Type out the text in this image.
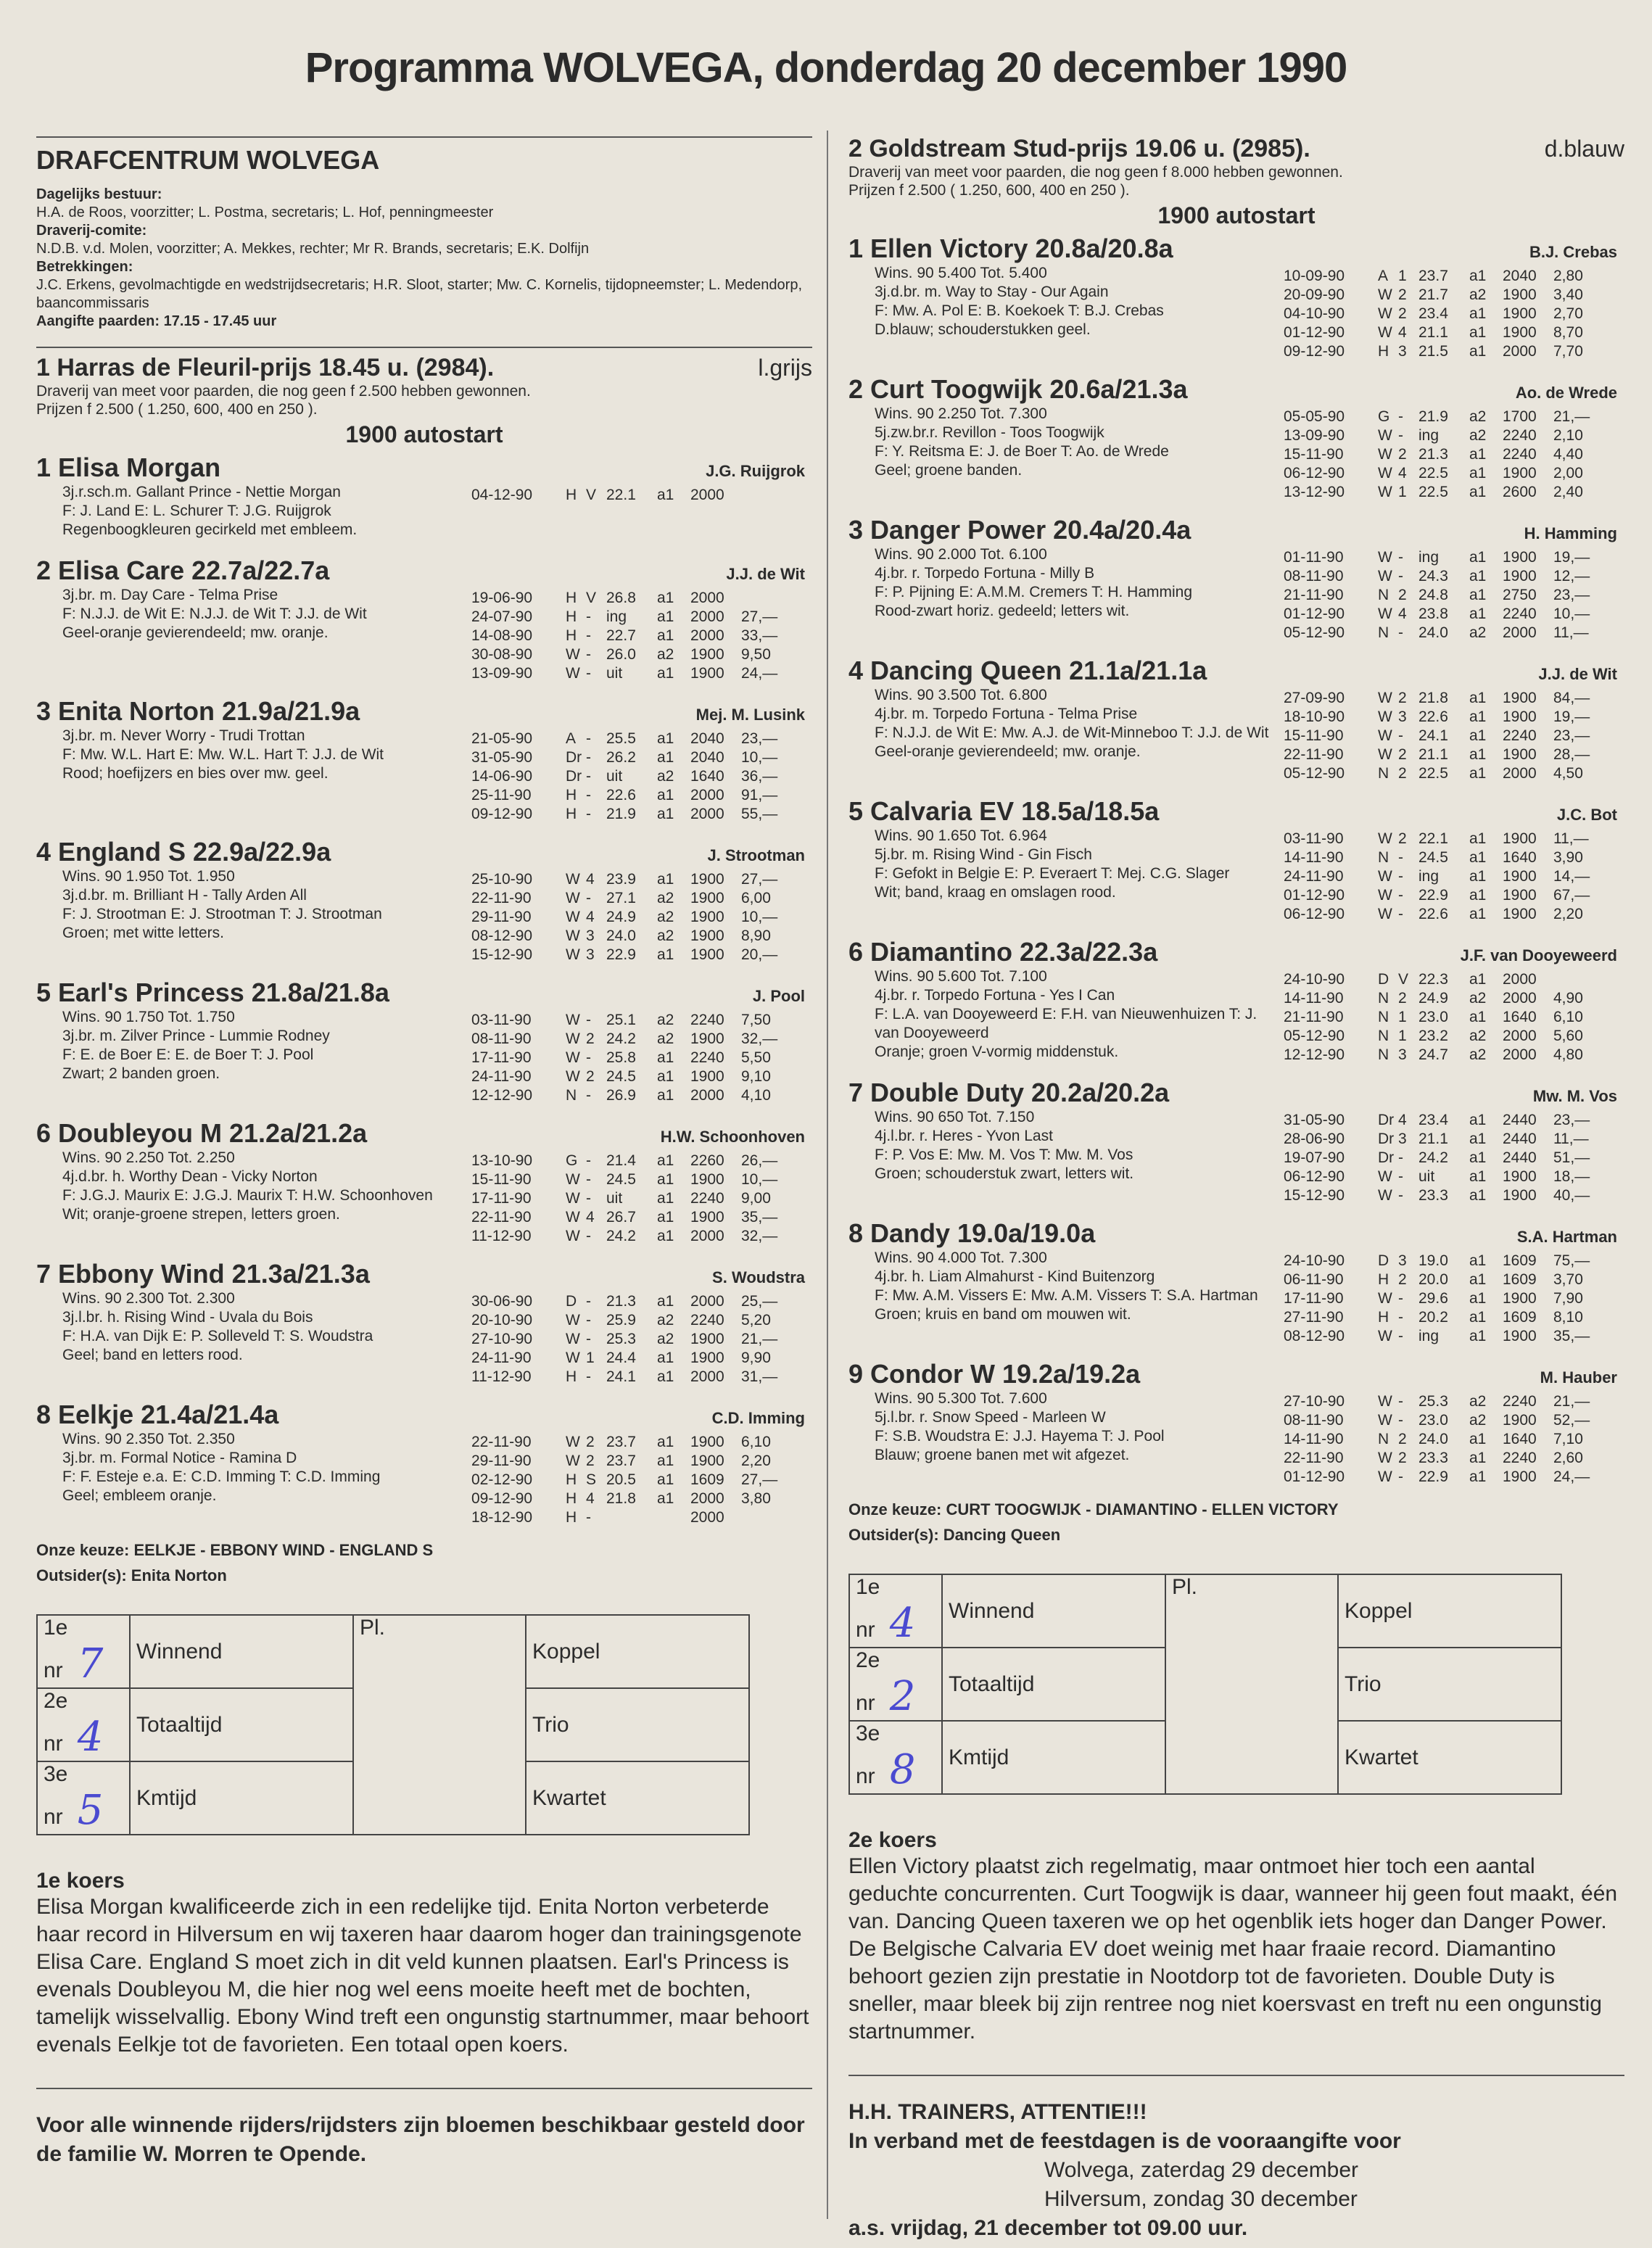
Programma WOLVEGA, donderdag 20 december 1990
DRAFCENTRUM WOLVEGA
Dagelijks bestuur:
H.A. de Roos, voorzitter; L. Postma, secretaris; L. Hof, penningmeester
Draverij-comite:
N.D.B. v.d. Molen, voorzitter; A. Mekkes, rechter; Mr R. Brands, secretaris; E.K. Dolfijn
Betrekkingen:
J.C. Erkens, gevolmachtigde en wedstrijdsecretaris; H.R. Sloot, starter; Mw. C. Kornelis, tijdopneemster; L. Medendorp, baancommissaris
Aangifte paarden: 17.15 - 17.45 uur
1 Harras de Fleuril-prijs 18.45 u. (2984).	l.grijs
Draverij van meet voor paarden, die nog geen f 2.500 hebben gewonnen.
Prijzen f 2.500 ( 1.250, 600, 400 en 250 ).
1900 autostart
1 Elisa Morgan	J.G. Ruijgrok
3j.r.sch.m. Gallant Prince - Nettie Morgan
F: J. Land E: L. Schurer T: J.G. Ruijgrok
Regenboogkleuren gecirkeld met embleem.
04-12-90	H V 22.1	a1	2000
2 Elisa Care 22.7a/22.7a	J.J. de Wit
3j.br. m. Day Care - Telma Prise
F: N.J.J. de Wit E: N.J.J. de Wit T: J.J. de Wit
Geel-oranje gevierendeeld; mw. oranje.
19-06-90	H V 26.8	a1	2000
24-07-90	H -	ing	a1	2000	27,—
14-08-90	H -	22.7	a1	2000	33,—
30-08-90	W -	26.0	a2	1900	9,50
13-09-90	W -	uit	a1	1900	24,—
3 Enita Norton 21.9a/21.9a	Mej. M. Lusink
3j.br. m. Never Worry - Trudi Trottan
F: Mw. W.L. Hart E: Mw. W.L. Hart T: J.J. de Wit
Rood; hoefijzers en bies over mw. geel.
21-05-90	A -	25.5	a1	2040	23,—
31-05-90	Dr -	26.2	a1	2040	10,—
14-06-90	Dr -	uit	a2	1640	36,—
25-11-90	H -	22.6	a1	2000	91,—
09-12-90	H -	21.9	a1	2000	55,—
4 England S 22.9a/22.9a	J. Strootman
Wins. 90 1.950 Tot. 1.950
3j.d.br. m. Brilliant H - Tally Arden All
F: J. Strootman E: J. Strootman T: J. Strootman
Groen; met witte letters.
25-10-90	W 4 23.9	a1	1900	27,—
22-11-90	W -	27.1	a2	1900	6,00
29-11-90	W 4 24.9	a2	1900	10,—
08-12-90	W 3 24.0	a2	1900	8,90
15-12-90	W 3 22.9	a1	1900	20,—
5 Earl's Princess 21.8a/21.8a	J. Pool
Wins. 90 1.750 Tot. 1.750
3j.br. m. Zilver Prince - Lummie Rodney
F: E. de Boer E: E. de Boer T: J. Pool
Zwart; 2 banden groen.
03-11-90	W -	25.1	a2	2240	7,50
08-11-90	W 2 24.2	a2	1900	32,—
17-11-90	W -	25.8	a1	2240	5,50
24-11-90	W 2 24.5	a1	1900	9,10
12-12-90	N -	26.9	a1	2000	4,10
6 Doubleyou M 21.2a/21.2a	H.W. Schoonhoven
Wins. 90 2.250 Tot. 2.250
4j.d.br. h. Worthy Dean - Vicky Norton
F: J.G.J. Maurix E: J.G.J. Maurix T: H.W. Schoonhoven
Wit; oranje-groene strepen, letters groen.
13-10-90	G -	21.4	a1	2260	26,—
15-11-90	W -	24.5	a1	1900	10,—
17-11-90	W -	uit	a1	2240	9,00
22-11-90	W 4 26.7	a1	1900	35,—
11-12-90	W -	24.2	a1	2000	32,—
7 Ebbony Wind 21.3a/21.3a	S. Woudstra
Wins. 90 2.300 Tot. 2.300
3j.l.br. h. Rising Wind - Uvala du Bois
F: H.A. van Dijk E: P. Solleveld T: S. Woudstra
Geel; band en letters rood.
30-06-90	D -	21.3	a1	2000	25,—
20-10-90	W -	25.9	a2	2240	5,20
27-10-90	W -	25.3	a2	1900	21,—
24-11-90	W 1 24.4	a1	1900	9,90
11-12-90	H -	24.1	a1	2000	31,—
8 Eelkje 21.4a/21.4a	C.D. Imming
Wins. 90 2.350 Tot. 2.350
3j.br. m. Formal Notice - Ramina D
F: F. Esteje e.a. E: C.D. Imming T: C.D. Imming
Geel; embleem oranje.
22-11-90	W 2 23.7	a1	1900	6,10
29-11-90	W 2 23.7	a1	1900	2,20
02-12-90	H S 20.5	a1	1609	27,—
09-12-90	H 4 21.8	a1	2000	3,80
18-12-90	H -	2000
Onze keuze: EELKJE - EBBONY WIND - ENGLAND S
Outsider(s): Enita Norton
1e nr 7	Winnend	Pl.	Koppel
2e nr 4	Totaaltijd		Trio
3e nr 5	Kmtijd		Kwartet
1e koers
Elisa Morgan kwalificeerde zich in een redelijke tijd. Enita Norton verbeterde haar record in Hilversum en wij taxeren haar daarom hoger dan trainingsgenote Elisa Care. England S moet zich in dit veld kunnen plaatsen. Earl's Princess is evenals Doubleyou M, die hier nog wel eens moeite heeft met de bochten, tamelijk wisselvallig. Ebony Wind treft een ongunstig startnummer, maar behoort evenals Eelkje tot de favorieten. Een totaal open koers.
Voor alle winnende rijders/rijdsters zijn bloemen beschikbaar gesteld door de familie W. Morren te Opende.
2 Goldstream Stud-prijs 19.06 u. (2985).	d.blauw
Draverij van meet voor paarden, die nog geen f 8.000 hebben gewonnen.
Prijzen f 2.500 ( 1.250, 600, 400 en 250 ).
1900 autostart
1 Ellen Victory 20.8a/20.8a	B.J. Crebas
Wins. 90 5.400 Tot. 5.400
3j.d.br. m. Way to Stay - Our Again
F: Mw. A. Pol E: B. Koekoek T: B.J. Crebas
D.blauw; schouderstukken geel.
10-09-90	A 1 23.7	a1	2040	2,80
20-09-90	W 2 21.7	a2	1900	3,40
04-10-90	W 2 23.4	a1	1900	2,70
01-12-90	W 4 21.1	a1	1900	8,70
09-12-90	H 3 21.5	a1	2000	7,70
2 Curt Toogwijk 20.6a/21.3a	Ao. de Wrede
Wins. 90 2.250 Tot. 7.300
5j.zw.br.r. Revillon - Toos Toogwijk
F: Y. Reitsma E: J. de Boer T: Ao. de Wrede
Geel; groene banden.
05-05-90	G -	21.9	a2	1700	21,—
13-09-90	W -	ing	a2	2240	2,10
15-11-90	W 2 21.3	a1	2240	4,40
06-12-90	W 4 22.5	a1	1900	2,00
13-12-90	W 1 22.5	a1	2600	2,40
3 Danger Power 20.4a/20.4a	H. Hamming
Wins. 90 2.000 Tot. 6.100
4j.br. r. Torpedo Fortuna - Milly B
F: P. Pijning E: A.M.M. Cremers T: H. Hamming
Rood-zwart horiz. gedeeld; letters wit.
01-11-90	W -	ing	a1	1900	19,—
08-11-90	W -	24.3	a1	1900	12,—
21-11-90	N 2 24.8	a1	2750	23,—
01-12-90	W 4 23.8	a1	2240	10,—
05-12-90	N -	24.0	a2	2000	11,—
4 Dancing Queen 21.1a/21.1a	J.J. de Wit
Wins. 90 3.500 Tot. 6.800
4j.br. m. Torpedo Fortuna - Telma Prise
F: N.J.J. de Wit E: Mw. A.J. de Wit-Minneboo T: J.J. de Wit
Geel-oranje gevierendeeld; mw. oranje.
27-09-90	W 2 21.8	a1	1900	84,—
18-10-90	W 3 22.6	a1	1900	19,—
15-11-90	W -	24.1	a1	2240	23,—
22-11-90	W 2 21.1	a1	1900	28,—
05-12-90	N 2 22.5	a1	2000	4,50
5 Calvaria EV 18.5a/18.5a	J.C. Bot
Wins. 90 1.650 Tot. 6.964
5j.br. m. Rising Wind - Gin Fisch
F: Gefokt in Belgie E: P. Everaert T: Mej. C.G. Slager
Wit; band, kraag en omslagen rood.
03-11-90	W 2 22.1	a1	1900	11,—
14-11-90	N -	24.5	a1	1640	3,90
24-11-90	W -	ing	a1	1900	14,—
01-12-90	W -	22.9	a1	1900	67,—
06-12-90	W -	22.6	a1	1900	2,20
6 Diamantino 22.3a/22.3a	J.F. van Dooyeweerd
Wins. 90 5.600 Tot. 7.100
4j.br. r. Torpedo Fortuna - Yes I Can
F: L.A. van Dooyeweerd E: F.H. van Nieuwenhuizen T: J. van Dooyeweerd
Oranje; groen V-vormig middenstuk.
24-10-90	D V 22.3	a1	2000
14-11-90	N 2 24.9	a2	2000	4,90
21-11-90	N 1 23.0	a1	1640	6,10
05-12-90	N 1 23.2	a2	2000	5,60
12-12-90	N 3 24.7	a2	2000	4,80
7 Double Duty 20.2a/20.2a	Mw. M. Vos
Wins. 90 650 Tot. 7.150
4j.l.br. r. Heres - Yvon Last
F: P. Vos E: Mw. M. Vos T: Mw. M. Vos
Groen; schouderstuk zwart, letters wit.
31-05-90	Dr 4 23.4	a1	2440	23,—
28-06-90	Dr 3 21.1	a1	2440	11,—
19-07-90	Dr -	24.2	a1	2440	51,—
06-12-90	W -	uit	a1	1900	18,—
15-12-90	W -	23.3	a1	1900	40,—
8 Dandy 19.0a/19.0a	S.A. Hartman
Wins. 90 4.000 Tot. 7.300
4j.br. h. Liam Almahurst - Kind Buitenzorg
F: Mw. A.M. Vissers E: Mw. A.M. Vissers T: S.A. Hartman
Groen; kruis en band om mouwen wit.
24-10-90	D 3 19.0	a1	1609	75,—
06-11-90	H 2 20.0	a1	1609	3,70
17-11-90	W -	29.6	a1	1900	7,90
27-11-90	H -	20.2	a1	1609	8,10
08-12-90	W -	ing	a1	1900	35,—
9 Condor W 19.2a/19.2a	M. Hauber
Wins. 90 5.300 Tot. 7.600
5j.l.br. r. Snow Speed - Marleen W
F: S.B. Woudstra E: J.J. Hayema T: J. Pool
Blauw; groene banen met wit afgezet.
27-10-90	W -	25.3	a2	2240	21,—
08-11-90	W -	23.0	a2	1900	52,—
14-11-90	N 2 24.0	a1	1640	7,10
22-11-90	W 2 23.3	a1	2240	2,60
01-12-90	W -	22.9	a1	1900	24,—
Onze keuze: CURT TOOGWIJK - DIAMANTINO - ELLEN VICTORY
Outsider(s): Dancing Queen
1e nr 4	Winnend	Pl.	Koppel
2e nr 2	Totaaltijd		Trio
3e nr 8	Kmtijd		Kwartet
2e koers
Ellen Victory plaatst zich regelmatig, maar ontmoet hier toch een aantal geduchte concurrenten. Curt Toogwijk is daar, wanneer hij geen fout maakt, één van. Dancing Queen taxeren we op het ogenblik iets hoger dan Danger Power. De Belgische Calvaria EV doet weinig met haar fraaie record. Diamantino behoort gezien zijn prestatie in Nootdorp tot de favorieten. Double Duty is sneller, maar bleek bij zijn rentree nog niet koersvast en treft nu een ongunstig startnummer.
H.H. TRAINERS, ATTENTIE!!!
In verband met de feestdagen is de vooraangifte voor
Wolvega, zaterdag 29 december
Hilversum, zondag 30 december
a.s. vrijdag, 21 december tot 09.00 uur.
